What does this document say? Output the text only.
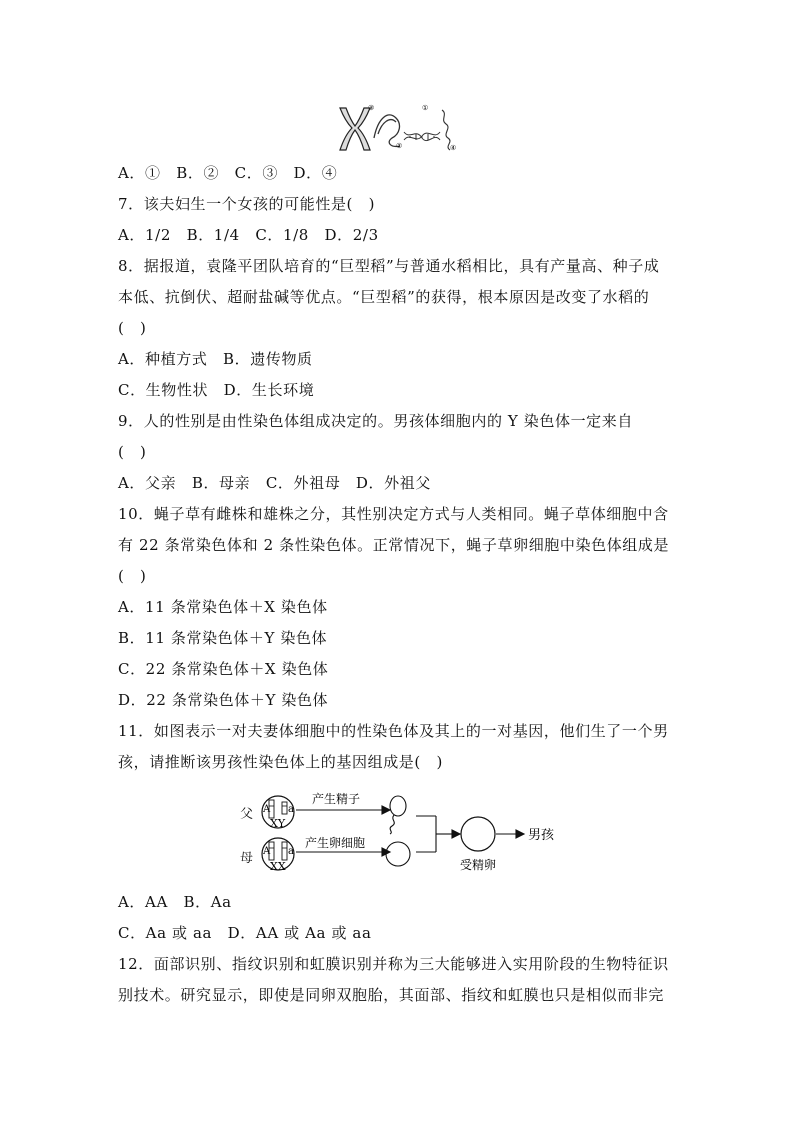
③	①
②	④
A．①　B．②　C．③　D．④
7．该夫妇生一个女孩的可能性是(　)
A．1/2　B．1/4　C．1/8　D．2/3
8．据报道，袁隆平团队培育的“巨型稻”与普通水稻相比，具有产量高、种子成
本低、抗倒伏、超耐盐碱等优点。“巨型稻”的获得，根本原因是改变了水稻的
(　)
A．种植方式　B．遗传物质
C．生物性状　D．生长环境
9．人的性别是由性染色体组成决定的。男孩体细胞内的 Y 染色体一定来自
(　)
A．父亲　B．母亲　C．外祖母　D．外祖父
10．蝇子草有雌株和雄株之分，其性别决定方式与人类相同。蝇子草体细胞中含
有 22 条常染色体和 2 条性染色体。正常情况下，蝇子草卵细胞中染色体组成是
(　)
A．11 条常染色体＋X 染色体
B．11 条常染色体＋Y 染色体
C．22 条常染色体＋X 染色体
D．22 条常染色体＋Y 染色体
11．如图表示一对夫妻体细胞中的性染色体及其上的一对基因，他们生了一个男
孩，请推断该男孩性染色体上的基因组成是(　)
父
母
A a
XY
A a
XX
产生精子
产生卵细胞
受精卵
男孩
A．AA　B．Aa
C．Aa 或 aa　D．AA 或 Aa 或 aa
12．面部识别、指纹识别和虹膜识别并称为三大能够进入实用阶段的生物特征识
别技术。研究显示，即使是同卵双胞胎，其面部、指纹和虹膜也只是相似而非完
